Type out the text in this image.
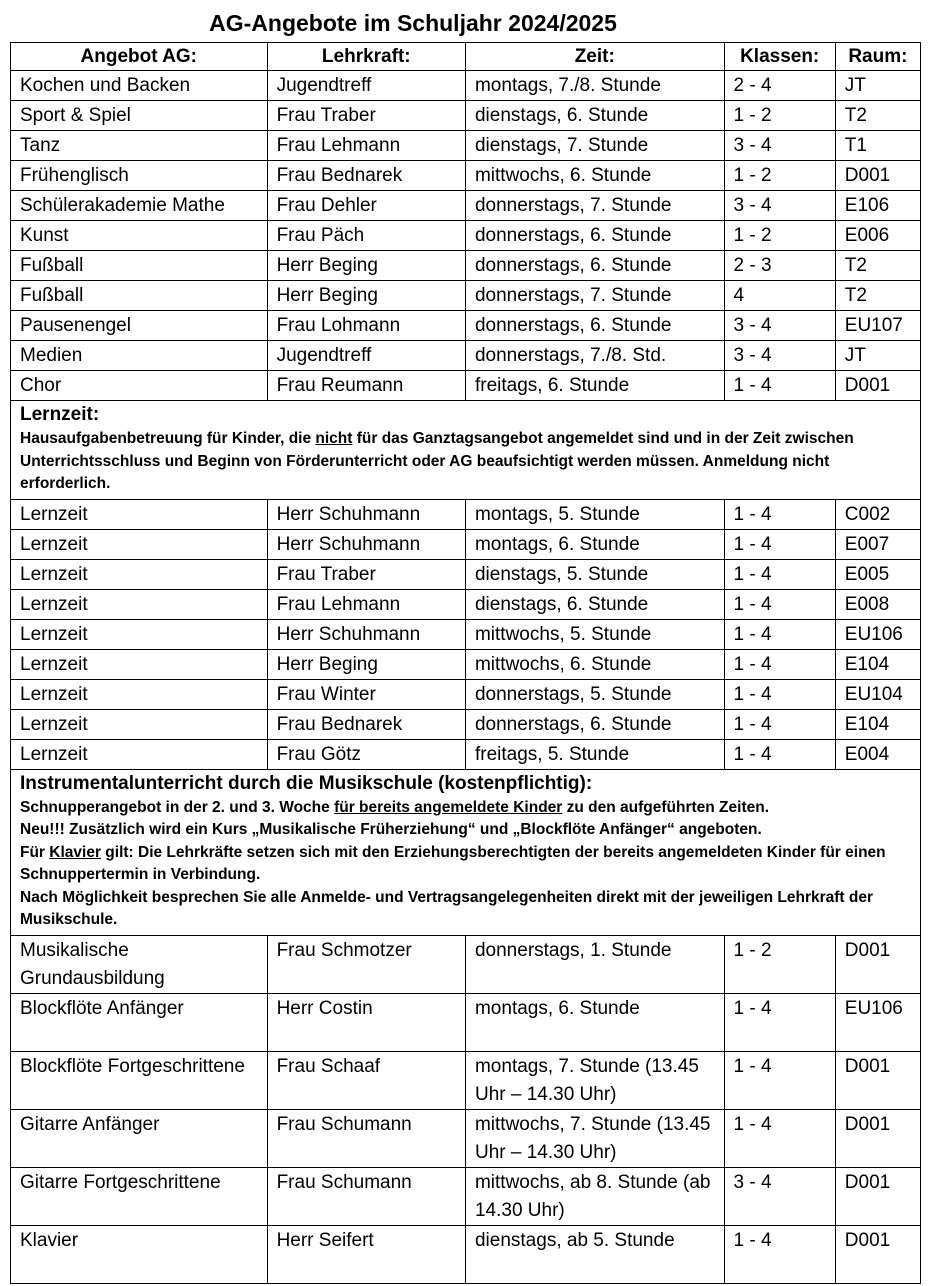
AG-Angebote im Schuljahr 2024/2025
Angebot AG:	Lehrkraft:	Zeit:	Klassen:	Raum:
Kochen und Backen	Jugendtreff	montags, 7./8. Stunde	2 - 4	JT
Sport & Spiel	Frau Traber	dienstags, 6. Stunde	1 - 2	T2
Tanz	Frau Lehmann	dienstags, 7. Stunde	3 - 4	T1
Frühenglisch	Frau Bednarek	mittwochs, 6. Stunde	1 - 2	D001
Schülerakademie Mathe	Frau Dehler	donnerstags, 7. Stunde	3 - 4	E106
Kunst	Frau Päch	donnerstags, 6. Stunde	1 - 2	E006
Fußball	Herr Beging	donnerstags, 6. Stunde	2 - 3	T2
Fußball	Herr Beging	donnerstags, 7. Stunde	4	T2
Pausenengel	Frau Lohmann	donnerstags, 6. Stunde	3 - 4	EU107
Medien	Jugendtreff	donnerstags, 7./8. Std.	3 - 4	JT
Chor	Frau Reumann	freitags, 6. Stunde	1 - 4	D001

Lernzeit:
Hausaufgabenbetreuung für Kinder, die nicht für das Ganztagsangebot angemeldet sind und in der Zeit zwischen Unterrichtsschluss und Beginn von Förderunterricht oder AG beaufsichtigt werden müssen. Anmeldung nicht erforderlich.				

Lernzeit	Herr Schuhmann	montags, 5. Stunde	1 - 4	C002
Lernzeit	Herr Schuhmann	montags, 6. Stunde	1 - 4	E007
Lernzeit	Frau Traber	dienstags, 5. Stunde	1 - 4	E005
Lernzeit	Frau Lehmann	dienstags, 6. Stunde	1 - 4	E008
Lernzeit	Herr Schuhmann	mittwochs, 5. Stunde	1 - 4	EU106
Lernzeit	Herr Beging	mittwochs, 6. Stunde	1 - 4	E104
Lernzeit	Frau Winter	donnerstags, 5. Stunde	1 - 4	EU104
Lernzeit	Frau Bednarek	donnerstags, 6. Stunde	1 - 4	E104
Lernzeit	Frau Götz	freitags, 5. Stunde	1 - 4	E004

Instrumentalunterricht durch die Musikschule (kostenpflichtig):
Schnupperangebot in der 2. und 3. Woche für bereits angemeldete Kinder zu den aufgeführten Zeiten.
Neu!!! Zusätzlich wird ein Kurs „Musikalische Früherziehung“ und „Blockflöte Anfänger“ angeboten.
Für Klavier gilt: Die Lehrkräfte setzen sich mit den Erziehungsberechtigten der bereits angemeldeten Kinder für einen Schnuppertermin in Verbindung.
Nach Möglichkeit besprechen Sie alle Anmelde- und Vertragsangelegenheiten direkt mit der jeweiligen Lehrkraft der Musikschule.				

Musikalische Grundausbildung	Frau Schmotzer	donnerstags, 1. Stunde	1 - 2	D001
Blockflöte Anfänger	Herr Costin	montags, 6. Stunde	1 - 4	EU106
Blockflöte Fortgeschrittene	Frau Schaaf	montags, 7. Stunde (13.45 Uhr – 14.30 Uhr)	1 - 4	D001
Gitarre Anfänger	Frau Schumann	mittwochs, 7. Stunde (13.45 Uhr – 14.30 Uhr)	1 - 4	D001
Gitarre Fortgeschrittene	Frau Schumann	mittwochs, ab 8. Stunde (ab 14.30 Uhr)	3 - 4	D001
Klavier	Herr Seifert	dienstags, ab 5. Stunde	1 - 4	D001
